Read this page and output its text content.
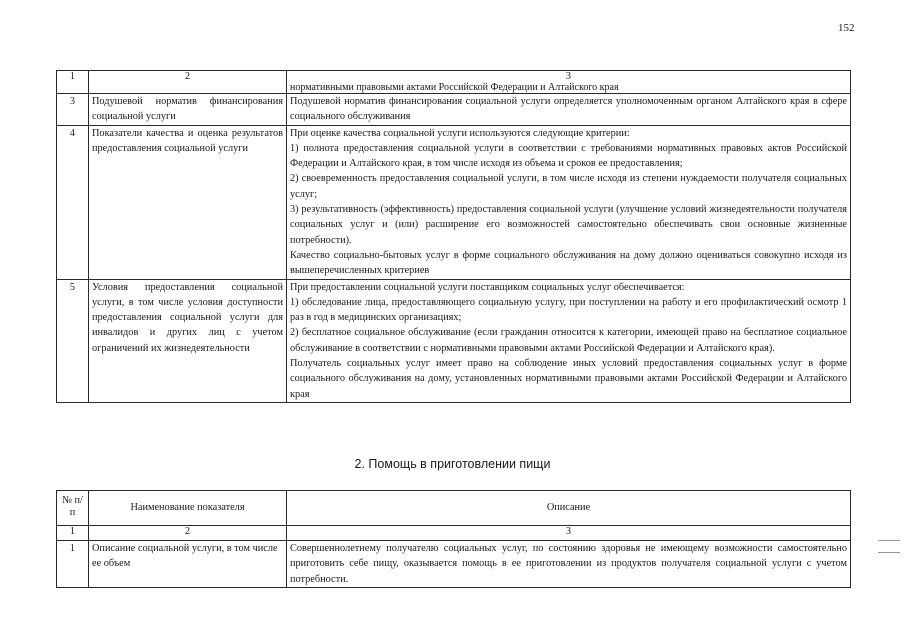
152
1	2	3
нормативными правовыми актами Российской Федерации и Алтайского края

3	Подушевой норматив финансирования социальной услуги	Подушевой норматив финансирования социальной услуги определяется уполномоченным органом Алтайского края в сфере социального обслуживания

4	Показатели качества и оценка результатов предоставления социальной услуги	При оценке качества социальной услуги используются следующие критерии:

1) полнота предоставления социальной услуги в соответствии с требованиями нормативных правовых актов Российской Федерации и Алтайского края, в том числе исходя из объема и сроков ее предоставления;

2) своевременность предоставления социальной услуги, в том числе исходя из степени нуждаемости получателя социальных услуг;

3) результативность (эффективность) предоставления социальной услуги (улучшение условий жизнедеятельности получателя социальных услуг и (или) расширение его возможностей самостоятельно обеспечивать свои основные жизненные потребности).

Качество социально-бытовых услуг в форме социального обслуживания на дому должно оцениваться совокупно исходя из вышеперечисленных критериев

5	Условия предоставления социальной услуги, в том числе условия доступности предоставления социальной услуги для инвалидов и других лиц с учетом ограничений их жизнедеятельности	При предоставлении социальной услуги поставщиком социальных услуг обеспечивается:

1) обследование лица, предоставляющего социальную услугу, при поступлении на работу и его профилактический осмотр 1 раз в год в медицинских организациях;

2) бесплатное социальное обслуживание (если гражданин относится к категории, имеющей право на бесплатное социальное обслуживание в соответствии с нормативными правовыми актами Российской Федерации и Алтайского края).

Получатель социальных услуг имеет право на соблюдение иных условий предоставления социальных услуг в форме социального обслуживания на дому, установленных нормативными правовыми актами Российской Федерации и Алтайского края

2. Помощь в приготовлении пищи
№ п/п	Наименование показателя	Описание
1	2	3
1	Описание социальной услуги, в том числе ее объем	Совершеннолетнему получателю социальных услуг, по состоянию здоровья не имеющему возможности самостоятельно приготовить себе пищу, оказывается помощь в ее приготовлении из продуктов получателя социальной услуги с учетом потребности.
